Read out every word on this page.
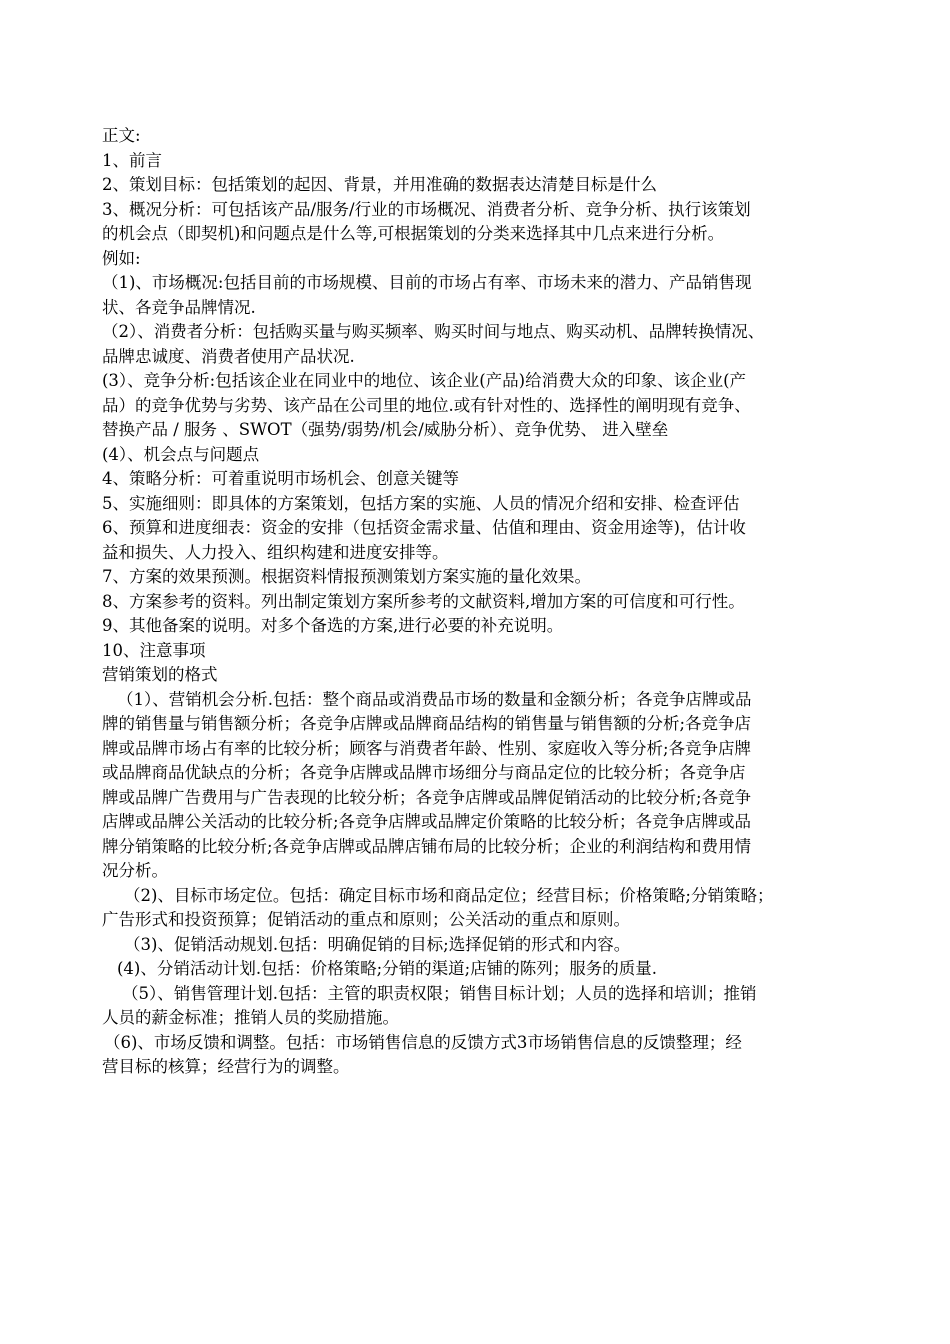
正文:
1、前言
2、策划目标：包括策划的起因、背景，并用准确的数据表达清楚目标是什么
3、概况分析：可包括该产品/服务/行业的市场概况、消费者分析、竞争分析、执行该策划
的机会点（即契机)和问题点是什么等,可根据策划的分类来选择其中几点来进行分析。
例如:
（1)、市场概况:包括目前的市场规模、目前的市场占有率、市场未来的潜力、产品销售现
状、各竞争品牌情况.
（2）、消费者分析：包括购买量与购买频率、购买时间与地点、购买动机、品牌转换情况、
品牌忠诚度、消费者使用产品状况.
(3）、竞争分析:包括该企业在同业中的地位、该企业(产品)给消费大众的印象、该企业(产
品）的竞争优势与劣势、该产品在公司里的地位.或有针对性的、选择性的阐明现有竞争、
替换产品 / 服务 、SWOT（强势/弱势/机会/威胁分析）、竞争优势、 进入壁垒
(4）、机会点与问题点
4、策略分析：可着重说明市场机会、创意关键等
5、实施细则：即具体的方案策划，包括方案的实施、人员的情况介绍和安排、检查评估
6、预算和进度细表：资金的安排（包括资金需求量、估值和理由、资金用途等)，估计收
益和损失、人力投入、组织构建和进度安排等。
7、方案的效果预测。根据资料情报预测策划方案实施的量化效果。
8、方案参考的资料。列出制定策划方案所参考的文献资料,增加方案的可信度和可行性。
9、其他备案的说明。对多个备选的方案,进行必要的补充说明。
10、注意事项
营销策划的格式
（1）、营销机会分析.包括：整个商品或消费品市场的数量和金额分析；各竞争店牌或品
牌的销售量与销售额分析；各竞争店牌或品牌商品结构的销售量与销售额的分析;各竞争店
牌或品牌市场占有率的比较分析；顾客与消费者年龄、性别、家庭收入等分析;各竞争店牌
或品牌商品优缺点的分析；各竞争店牌或品牌市场细分与商品定位的比较分析；各竞争店
牌或品牌广告费用与广告表现的比较分析；各竞争店牌或品牌促销活动的比较分析;各竞争
店牌或品牌公关活动的比较分析;各竞争店牌或品牌定价策略的比较分析；各竞争店牌或品
牌分销策略的比较分析;各竞争店牌或品牌店铺布局的比较分析；企业的利润结构和费用情
况分析。
（2)、目标市场定位。包括：确定目标市场和商品定位；经营目标；价格策略;分销策略；
广告形式和投资预算；促销活动的重点和原则；公关活动的重点和原则。
（3)、促销活动规划.包括：明确促销的目标;选择促销的形式和内容。
(4)、分销活动计划.包括：价格策略;分销的渠道;店铺的陈列；服务的质量.
（5）、销售管理计划.包括：主管的职责权限；销售目标计划；人员的选择和培训；推销
人员的薪金标准；推销人员的奖励措施。
（6)、市场反馈和调整。包括：市场销售信息的反馈方式3市场销售信息的反馈整理；经
营目标的核算；经营行为的调整。
